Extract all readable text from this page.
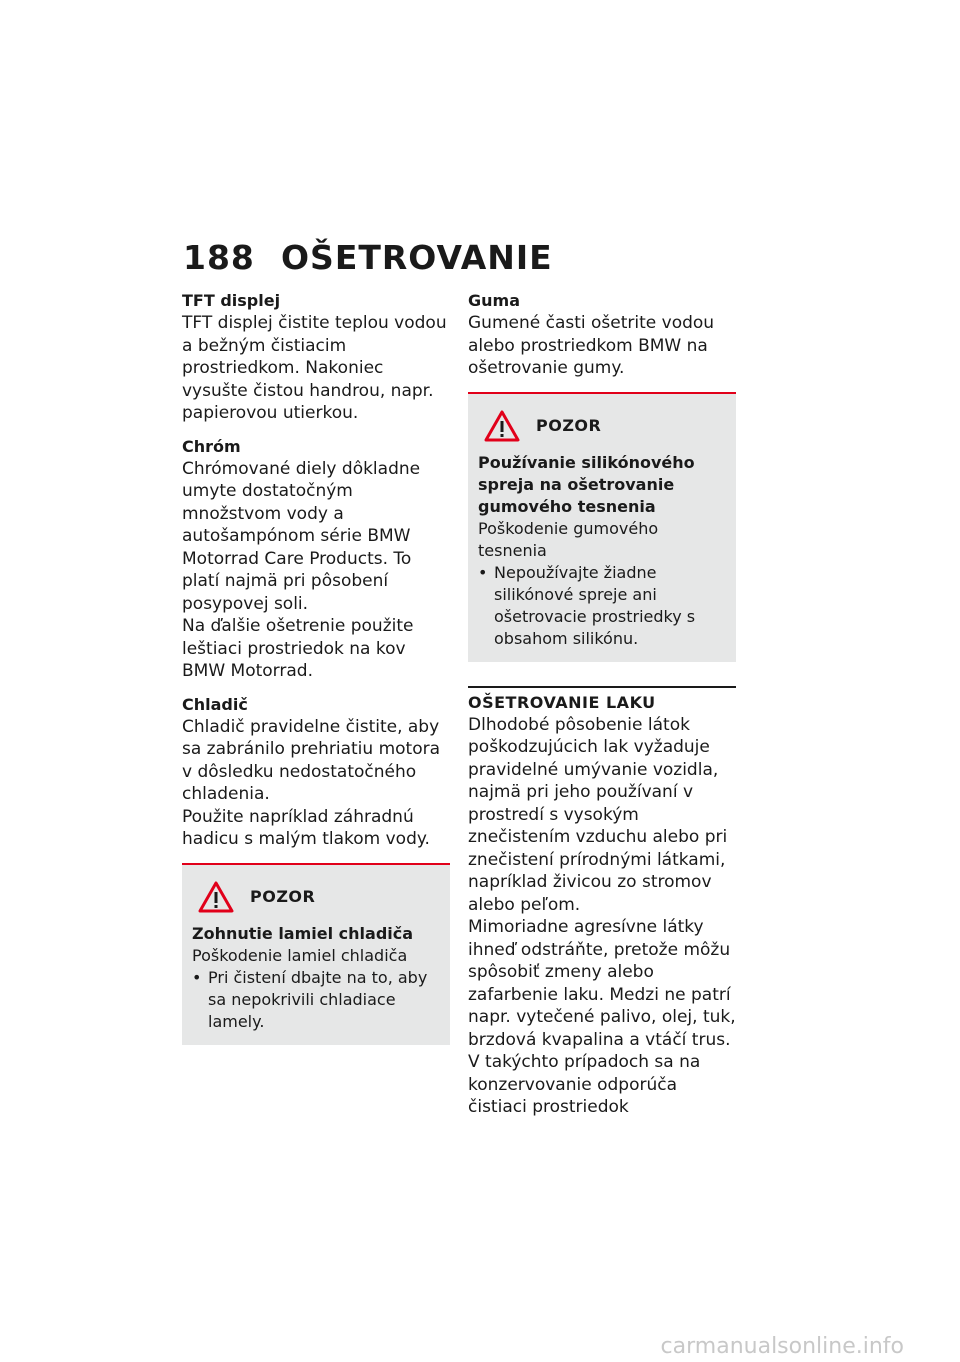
188 OŠETROVANIE

TFT displej

TFT displej čistite teplou vodou a bežným čistiacim prostriedkom. Nakoniec vysušte čistou handrou, napr. papierovou utierkou.

Chróm

Chrómované diely dôkladne umyte dostatočným množstvom vody a autošampónom série BMW Motorrad Care Products. To platí najmä pri pôsobení posypovej soli.

Na ďalšie ošetrenie použite leštiaci prostriedok na kov BMW Motorrad.

Chladič

Chladič pravidelne čistite, aby sa zabránilo prehriatiu motora v dôsledku nedostatočného chladenia.

Použite napríklad záhradnú hadicu s malým tlakom vody.

POZOR

Zohnutie lamiel chladiča

Poškodenie lamiel chladiča

• Pri čistení dbajte na to, aby sa nepokrivili chladiace lamely.

Guma

Gumené časti ošetrite vodou alebo prostriedkom BMW na ošetrovanie gumy.

POZOR

Používanie silikónového spreja na ošetrovanie gumového tesnenia

Poškodenie gumového tesnenia

• Nepoužívajte žiadne silikónové spreje ani ošetrovacie prostriedky s obsahom silikónu.
OŠETROVANIE LAKU

Dlhodobé pôsobenie látok poškodzujúcich lak vyžaduje pravidelné umývanie vozidla, najmä pri jeho používaní v prostredí s vysokým znečistením vzduchu alebo pri znečistení prírodnými látkami, napríklad živicou zo stromov alebo peľom.

Mimoriadne agresívne látky ihneď odstráňte, pretože môžu spôsobiť zmeny alebo zafarbenie laku. Medzi ne patrí napr. vytečené palivo, olej, tuk, brzdová kvapalina a vtáčí trus. V takýchto prípadoch sa na konzervovanie odporúča čistiaci prostriedok

carmanualsonline.info
